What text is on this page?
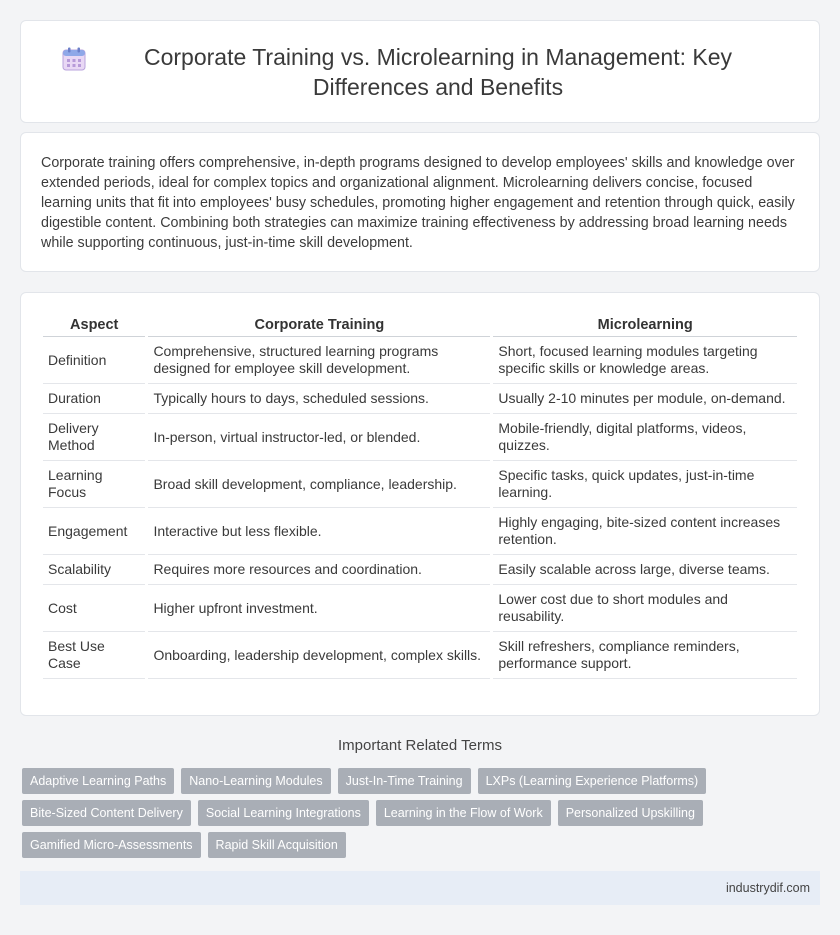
Corporate Training vs. Microlearning in Management: Key Differences and Benefits

Corporate training offers comprehensive, in-depth programs designed to develop employees' skills and knowledge over extended periods, ideal for complex topics and organizational alignment. Microlearning delivers concise, focused learning units that fit into employees' busy schedules, promoting higher engagement and retention through quick, easily digestible content. Combining both strategies can maximize training effectiveness by addressing broad learning needs while supporting continuous, just-in-time skill development.

Aspect	Corporate Training	Microlearning
Definition	Comprehensive, structured learning programs designed for employee skill development.	Short, focused learning modules targeting specific skills or knowledge areas.
Duration	Typically hours to days, scheduled sessions.	Usually 2-10 minutes per module, on-demand.
Delivery Method	In-person, virtual instructor-led, or blended.	Mobile-friendly, digital platforms, videos, quizzes.
Learning Focus	Broad skill development, compliance, leadership.	Specific tasks, quick updates, just-in-time learning.
Engagement	Interactive but less flexible.	Highly engaging, bite-sized content increases retention.
Scalability	Requires more resources and coordination.	Easily scalable across large, diverse teams.
Cost	Higher upfront investment.	Lower cost due to short modules and reusability.
Best Use Case	Onboarding, leadership development, complex skills.	Skill refreshers, compliance reminders, performance support.
Important Related Terms
Adaptive Learning Paths	Nano-Learning Modules	Just-In-Time Training	LXPs (Learning Experience Platforms)
Bite-Sized Content Delivery	Social Learning Integrations	Learning in the Flow of Work	Personalized Upskilling
Gamified Micro-Assessments	Rapid Skill Acquisition
industrydif.com
